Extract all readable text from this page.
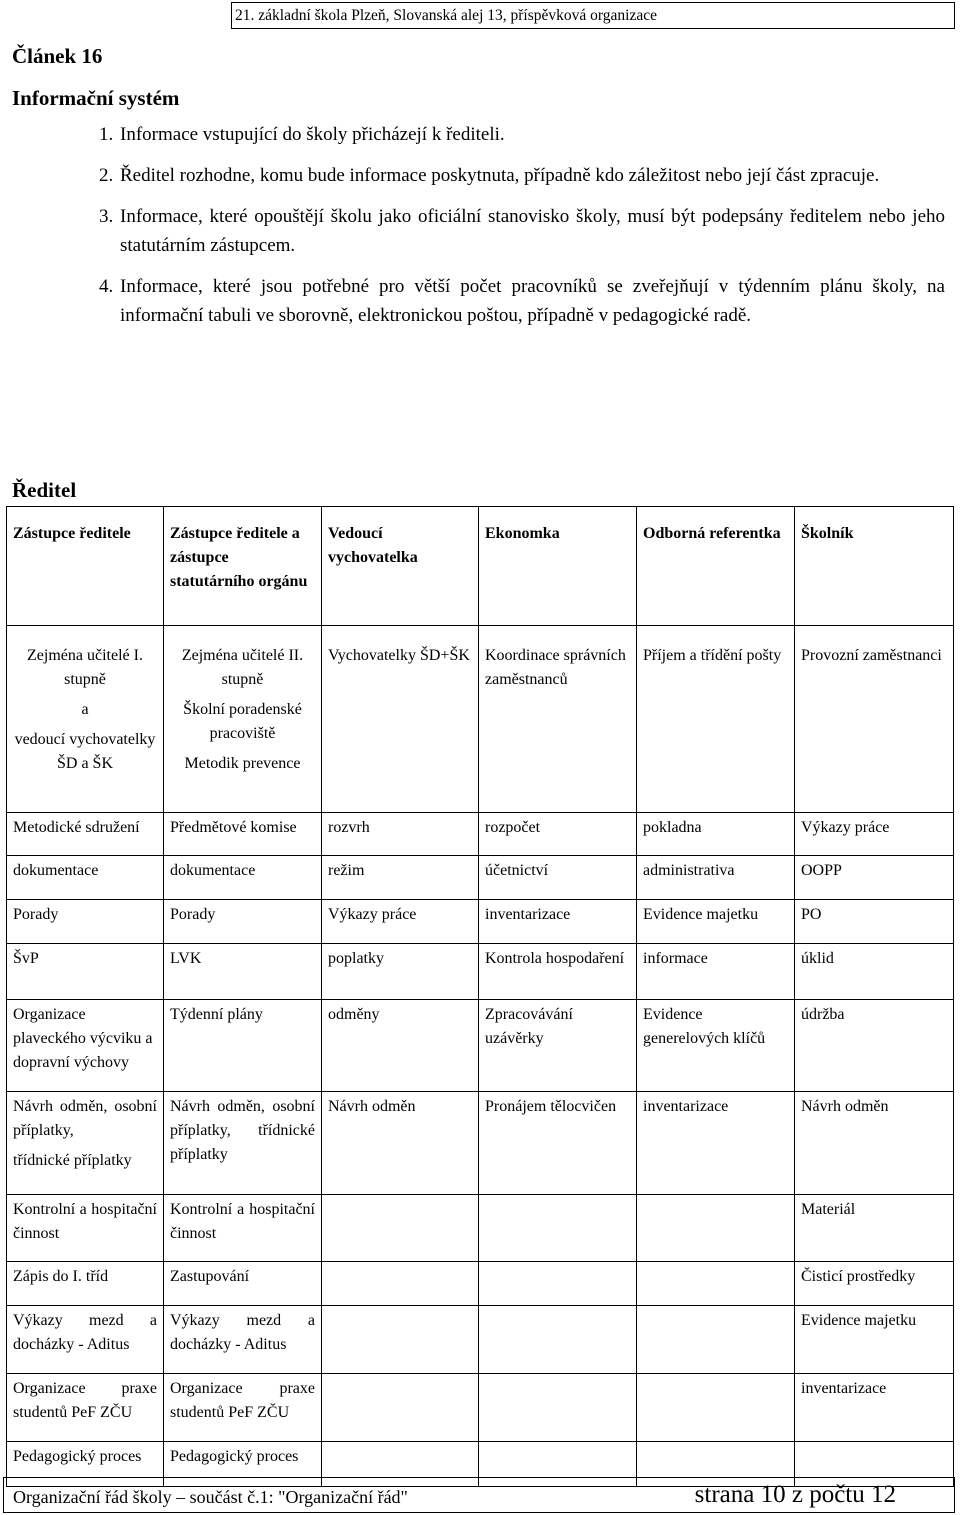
21. základní škola Plzeň, Slovanská alej 13, příspěvková organizace
Článek 16
Informační systém
1. Informace vstupující do školy přicházejí k řediteli.
2. Ředitel rozhodne, komu bude informace poskytnuta, případně kdo záležitost nebo její část zpracuje.
3. Informace, které opouštějí školu jako oficiální stanovisko školy, musí být podepsány ředitelem nebo jeho statutárním zástupcem.
4. Informace, které jsou potřebné pro větší počet pracovníků se zveřejňují v týdenním plánu školy, na informační tabuli ve sborovně, elektronickou poštou, případně v pedagogické radě.
Ředitel
Zástupce ředitele	Zástupce ředitele a zástupce statutárního orgánu	Vedoucí vychovatelka	Ekonomka	Odborná referentka	Školník
Zejména učitelé I. stupně
a
vedoucí vychovatelky ŠD a ŠK	Zejména učitelé II. stupně
Školní poradenské pracoviště
Metodik prevence	Vychovatelky ŠD+ŠK	Koordinace správních zaměstnanců	Příjem a třídění pošty	Provozní zaměstnanci
Metodické sdružení	Předmětové komise	rozvrh	rozpočet	pokladna	Výkazy práce
dokumentace	dokumentace	režim	účetnictví	administrativa	OOPP
Porady	Porady	Výkazy práce	inventarizace	Evidence majetku	PO
ŠvP	LVK	poplatky	Kontrola hospodaření	informace	úklid
Organizace plaveckého výcviku a dopravní výchovy	Týdenní plány	odměny	Zpracovávání uzávěrky	Evidence generelových klíčů	údržba
Návrh odměn, osobní příplatky,
třídnické příplatky	Návrh odměn, osobní příplatky, třídnické příplatky	Návrh odměn	Pronájem tělocvičen	inventarizace	Návrh odměn
Kontrolní a hospitační činnost	Kontrolní a hospitační činnost				Materiál
Zápis do I. tříd	Zastupování				Čisticí prostředky
Výkazy mezd a docházky - Aditus	Výkazy mezd a docházky - Aditus				Evidence majetku
Organizace praxe studentů PeF ZČU	Organizace praxe studentů PeF ZČU				inventarizace
Pedagogický proces	Pedagogický proces				
Organizační řád školy – součást č.1: "Organizační řád"	strana 10 z počtu 12
